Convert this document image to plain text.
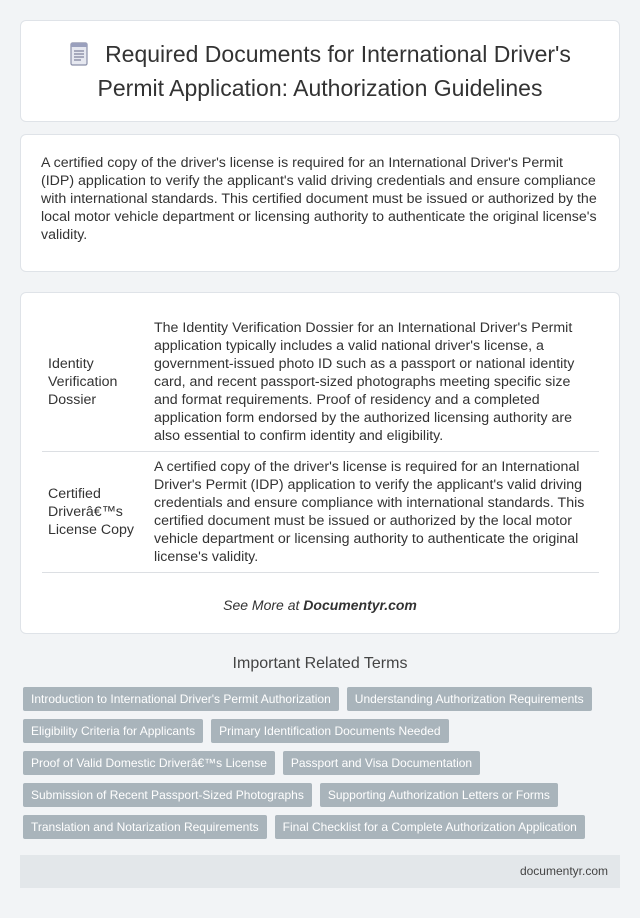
Required Documents for International Driver's Permit Application: Authorization Guidelines

A certified copy of the driver's license is required for an International Driver's Permit (IDP) application to verify the applicant's valid driving credentials and ensure compliance with international standards. This certified document must be issued or authorized by the local motor vehicle department or licensing authority to authenticate the original license's validity.

Identity Verification Dossier	The Identity Verification Dossier for an International Driver's Permit application typically includes a valid national driver's license, a government-issued photo ID such as a passport or national identity card, and recent passport-sized photographs meeting specific size and format requirements. Proof of residency and a completed application form endorsed by the authorized licensing authority are also essential to confirm identity and eligibility.
Certified Driverâ€™s License Copy	A certified copy of the driver's license is required for an International Driver's Permit (IDP) application to verify the applicant's valid driving credentials and ensure compliance with international standards. This certified document must be issued or authorized by the local motor vehicle department or licensing authority to authenticate the original license's validity.

See More at Documentyr.com

Important Related Terms
Introduction to International Driver's Permit Authorization	Understanding Authorization Requirements
Eligibility Criteria for Applicants	Primary Identification Documents Needed
Proof of Valid Domestic Driverâ€™s License	Passport and Visa Documentation
Submission of Recent Passport-Sized Photographs	Supporting Authorization Letters or Forms
Translation and Notarization Requirements	Final Checklist for a Complete Authorization Application
documentyr.com
